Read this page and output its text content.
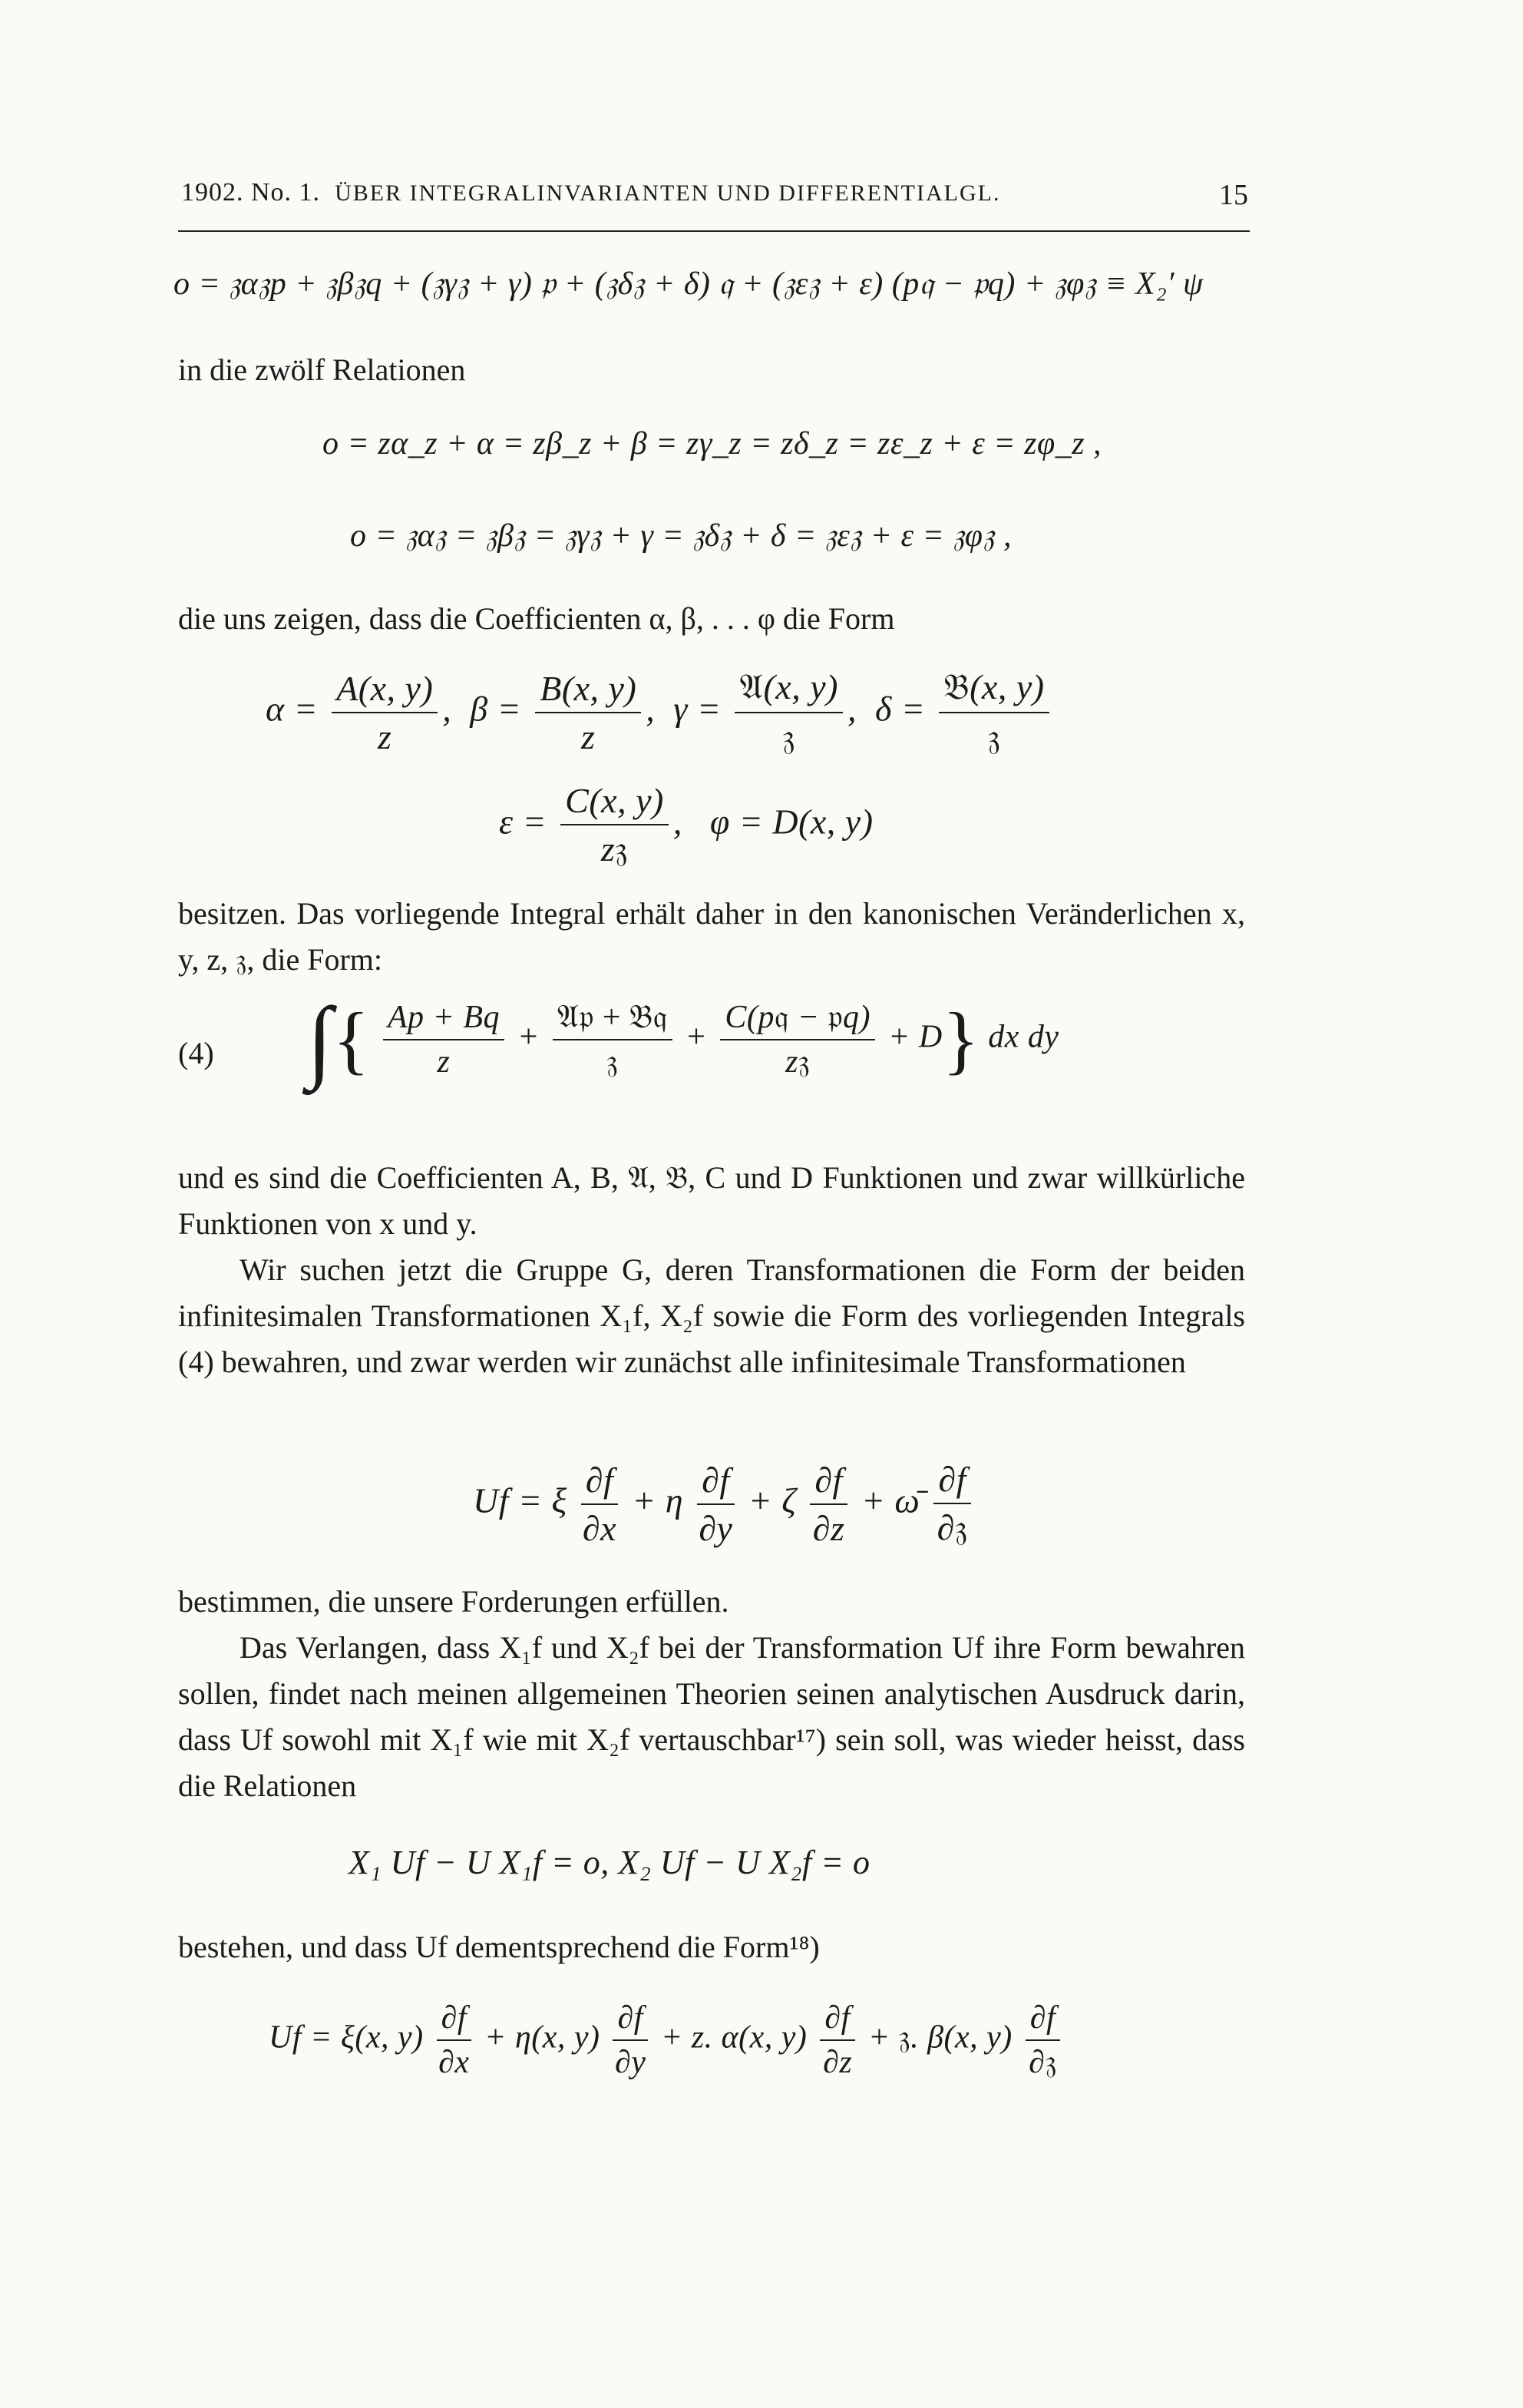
1902. No. 1. ÜBER INTEGRALINVARIANTEN UND DIFFERENTIALGL.	15
o = 𝔷α𝔷p + 𝔷β𝔷q + (𝔷γ𝔷 + γ) 𝔭 + (𝔷δ𝔷 + δ) 𝔮 + (𝔷ε𝔷 + ε) (p𝔮 − 𝔭q) + 𝔷φ𝔷 ≡ X₂′ ψ
in die zwölf Relationen
o = zα_z + α = zβ_z + β = zγ_z = zδ_z = zε_z + ε = zφ_z ,
o = 𝔷α𝔷 = 𝔷β𝔷 = 𝔷γ𝔷 + γ = 𝔷δ𝔷 + δ = 𝔷ε𝔷 + ε = 𝔷φ𝔷 ,
die uns zeigen, dass die Coefficienten α, β, . . . φ die Form
$\alpha = \frac{A(x, y)}{z}$ ,  $\beta = \frac{B(x, y)}{z}$ ,  $\gamma = \frac{\text{𝔄(x, y)}}{\text{𝔷}}$ ,  $\delta = \frac{\text{𝔅(x, y)}}{\text{𝔷}}$
$\varepsilon = \frac{C(x, y)}{\text{z𝔷}}$ ,   φ = D(x, y)
besitzen. Das vorliegende Integral erhält daher in den kanonischen Veränderlichen x, y, z, 𝔷, die Form:
(4) ∫{ $\frac{Ap + Bq}{z} + \frac{\text{𝔄𝔭 + 𝔅𝔮}}{\text{𝔷}} + \frac{\text{C(p𝔮 − 𝔭q)}}{\text{z𝔷}} + D$} dx dy
und es sind die Coefficienten A, B, 𝔄, 𝔅, C und D Funktionen und zwar willkürliche Funktionen von x und y.
Wir suchen jetzt die Gruppe G, deren Transformationen die Form der beiden infinitesimalen Transformationen X₁f, X₂f sowie die Form des vorliegenden Integrals (4) bewahren, und zwar werden wir zunächst alle infinitesimale Transformationen
Uf = ξ $\frac{\partial f}{\partial x} + \eta \frac{\partial f}{\partial y} + \zeta \frac{\partial f}{\partial z}$ + ω̄ $\frac{\partial f}{\text{∂𝔷}}$
bestimmen, die unsere Forderungen erfüllen.
Das Verlangen, dass X₁f und X₂f bei der Transformation Uf ihre Form bewahren sollen, findet nach meinen allgemeinen Theorien seinen analytischen Ausdruck darin, dass Uf sowohl mit X₁f wie mit X₂f vertauschbar¹⁷) sein soll, was wieder heisst, dass die Relationen
X₁ Uf − U X₁f = o, X₂ Uf − U X₂f = o
bestehen, und dass Uf dementsprechend die Form¹⁸)
Uf = ξ(x, $y) \frac{\partial f}{\partial x} + \eta(x$, $y) \frac{\partial f}{\partial y} + z$. α(x, $y) \frac{\partial f}{\partial z}$ + 𝔷. β(x, $y) \frac{\partial f}{\text{∂𝔷}}$
